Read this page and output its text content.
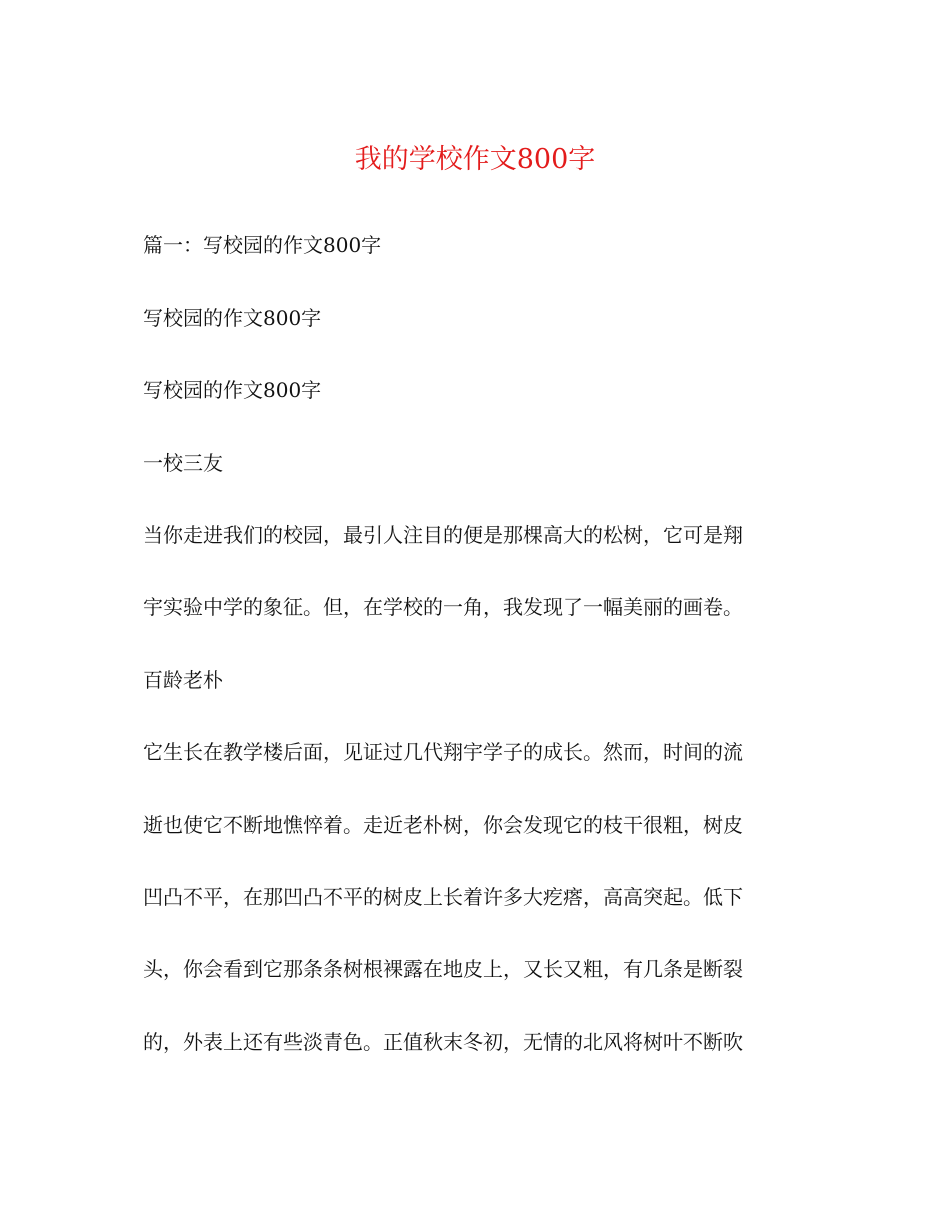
我的学校作文800字

篇一：写校园的作文800字

写校园的作文800字

写校园的作文800字

一校三友

当你走进我们的校园，最引人注目的便是那棵高大的松树，它可是翔

宇实验中学的象征。但，在学校的一角，我发现了一幅美丽的画卷。

百龄老朴

它生长在教学楼后面，见证过几代翔宇学子的成长。然而，时间的流

逝也使它不断地憔悴着。走近老朴树，你会发现它的枝干很粗，树皮

凹凸不平，在那凹凸不平的树皮上长着许多大疙瘩，高高突起。低下

头，你会看到它那条条树根裸露在地皮上，又长又粗，有几条是断裂

的，外表上还有些淡青色。正值秋末冬初，无情的北风将树叶不断吹
